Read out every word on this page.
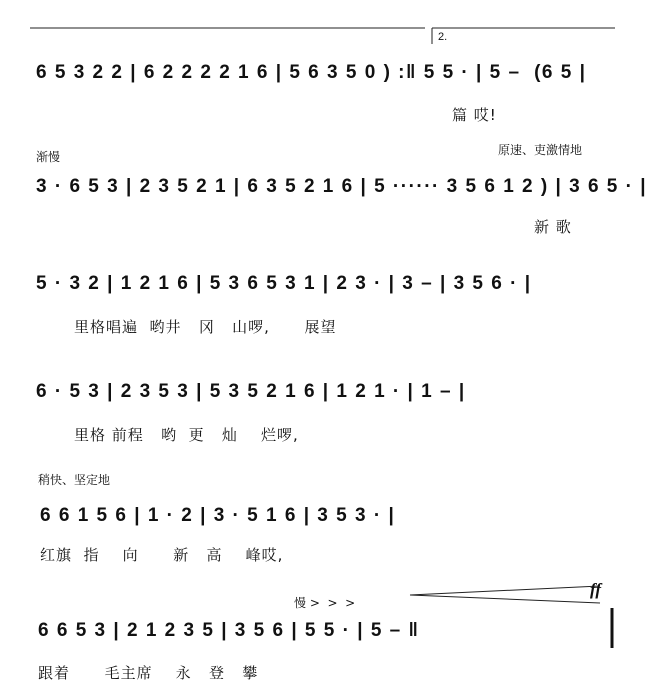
2.
6 5 3 2 2 | 6 2 2 2 2 1 6 | 5 6 3 5 0 ) :‖ 5 5 · | 5 –  (6 5 |
篇 哎!
渐慢	原速、吏激情地
3 · 6 5 3 | 2 3 5 2 1 | 6 3 5 2 1 6 | 5 ······ 3 5 6 1 2 ) | 3 6 5 · |
新 歌
5 · 3 2 | 1 2 1 6 | 5 3 6 5 3 1 | 2 3 · | 3 – | 3 5 6 · |
里格唱遍  哟井   冈   山啰,      展望
6 · 5 3 | 2 3 5 3 | 5 3 5 2 1 6 | 1 2 1 · | 1 – |
里格 前程   哟  更   灿    烂啰,
稍快、坚定地
6 6 1 5 6 | 1 · 2 | 3 · 5 1 6 | 3 5 3 · |
红旗  指    向      新   高    峰哎,
慢 >  >  >
ff
6 6 5 3 | 2 1 2 3 5 | 3 5 6 | 5 5 · | 5 – ‖
跟着      毛主席    永   登   攀
